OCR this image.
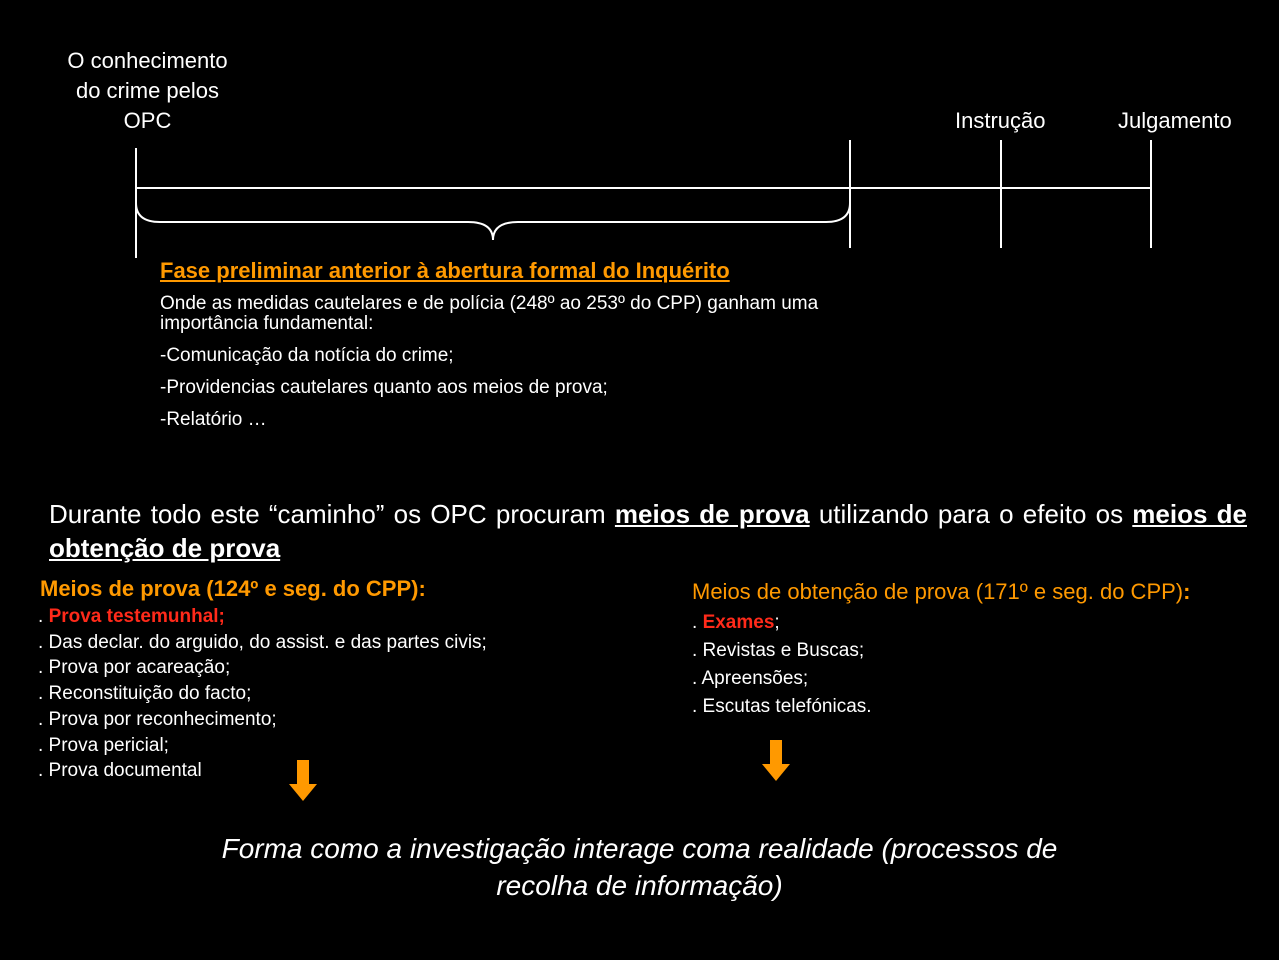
O conhecimento
do crime pelos
OPC	Instrução	Julgamento
Fase preliminar anterior à abertura formal do Inquérito
Onde as medidas cautelares e de polícia (248º ao 253º do CPP) ganham uma importância fundamental:
-Comunicação da notícia do crime;
-Providencias cautelares quanto aos meios de prova;
-Relatório …
Durante todo este “caminho” os OPC procuram meios de prova utilizando para o efeito os meios de obtenção de prova
Meios de prova (124º e seg. do CPP):
. Prova testemunhal;
. Das declar. do arguido, do assist. e das partes civis;
. Prova por acareação;
. Reconstituição do facto;
. Prova por reconhecimento;
. Prova pericial;
. Prova documental
Meios de obtenção de prova (171º e seg. do CPP):
. Exames;
. Revistas e Buscas;
. Apreensões;
. Escutas telefónicas.
Forma como a investigação interage coma realidade (processos de
recolha de informação)
